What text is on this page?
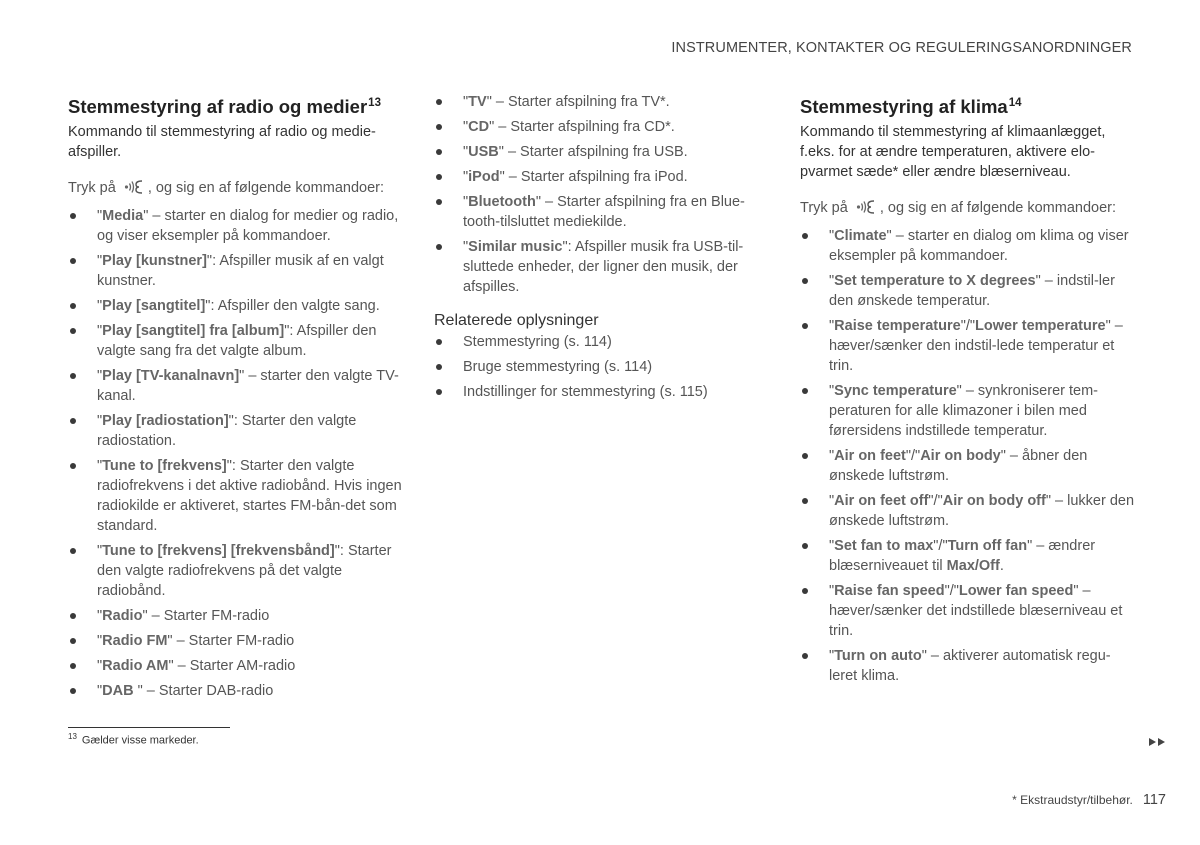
INSTRUMENTER, KONTAKTER OG REGULERINGSANORDNINGER
Stemmestyring af radio og medier$^{13}$

Kommando til stemmestyring af radio og medie-afspiller.

Tryk på , og sig en af følgende kommandoer:

"Media" – starter en dialog for medier og radio, og viser eksempler på kommandoer.
"Play [kunstner]": Afspiller musik af en valgt kunstner.
"Play [sangtitel]": Afspiller den valgte sang.
"Play [sangtitel] fra [album]": Afspiller den valgte sang fra det valgte album.
"Play [TV-kanalnavn]" – starter den valgte TV-kanal.
"Play [radiostation]": Starter den valgte radiostation.
"Tune to [frekvens]": Starter den valgte radiofrekvens i det aktive radiobånd. Hvis ingen radiokilde er aktiveret, startes FM-bån-det som standard.
"Tune to [frekvens] [frekvensbånd]": Starter den valgte radiofrekvens på det valgte radiobånd.
"Radio" – Starter FM-radio
"Radio FM" – Starter FM-radio
"Radio AM" – Starter AM-radio
"DAB " – Starter DAB-radio
"TV" – Starter afspilning fra TV*.
"CD" – Starter afspilning fra CD*.
"USB" – Starter afspilning fra USB.
"iPod" – Starter afspilning fra iPod.
"Bluetooth" – Starter afspilning fra en Blue-tooth-tilsluttet mediekilde.
"Similar music": Afspiller musik fra USB-til-sluttede enheder, der ligner den musik, der afspilles.
Relaterede oplysninger
Stemmestyring (s. 114)
Bruge stemmestyring (s. 114)
Indstillinger for stemmestyring (s. 115)
Stemmestyring af klima$^{14}$

Kommando til stemmestyring af klimaanlægget, f.eks. for at ændre temperaturen, aktivere elo-pvarmet sæde* eller ændre blæserniveau.

Tryk på , og sig en af følgende kommandoer:

"Climate" – starter en dialog om klima og viser eksempler på kommandoer.
"Set temperature to X degrees" – indstil-ler den ønskede temperatur.
"Raise temperature"/"Lower temperature" – hæver/sænker den indstil-lede temperatur et trin.
"Sync temperature" – synkroniserer tem-peraturen for alle klimazoner i bilen med førersidens indstillede temperatur.
"Air on feet"/"Air on body" – åbner den ønskede luftstrøm.
"Air on feet off"/"Air on body off" – lukker den ønskede luftstrøm.
"Set fan to max"/"Turn off fan" – ændrer blæserniveauet til Max/Off.
"Raise fan speed"/"Lower fan speed" – hæver/sænker det indstillede blæserniveau et trin.
"Turn on auto" – aktiverer automatisk regu-leret klima.
$^{13}$ Gælder visse markeder.
* Ekstraudstyr/tilbehør. 117
